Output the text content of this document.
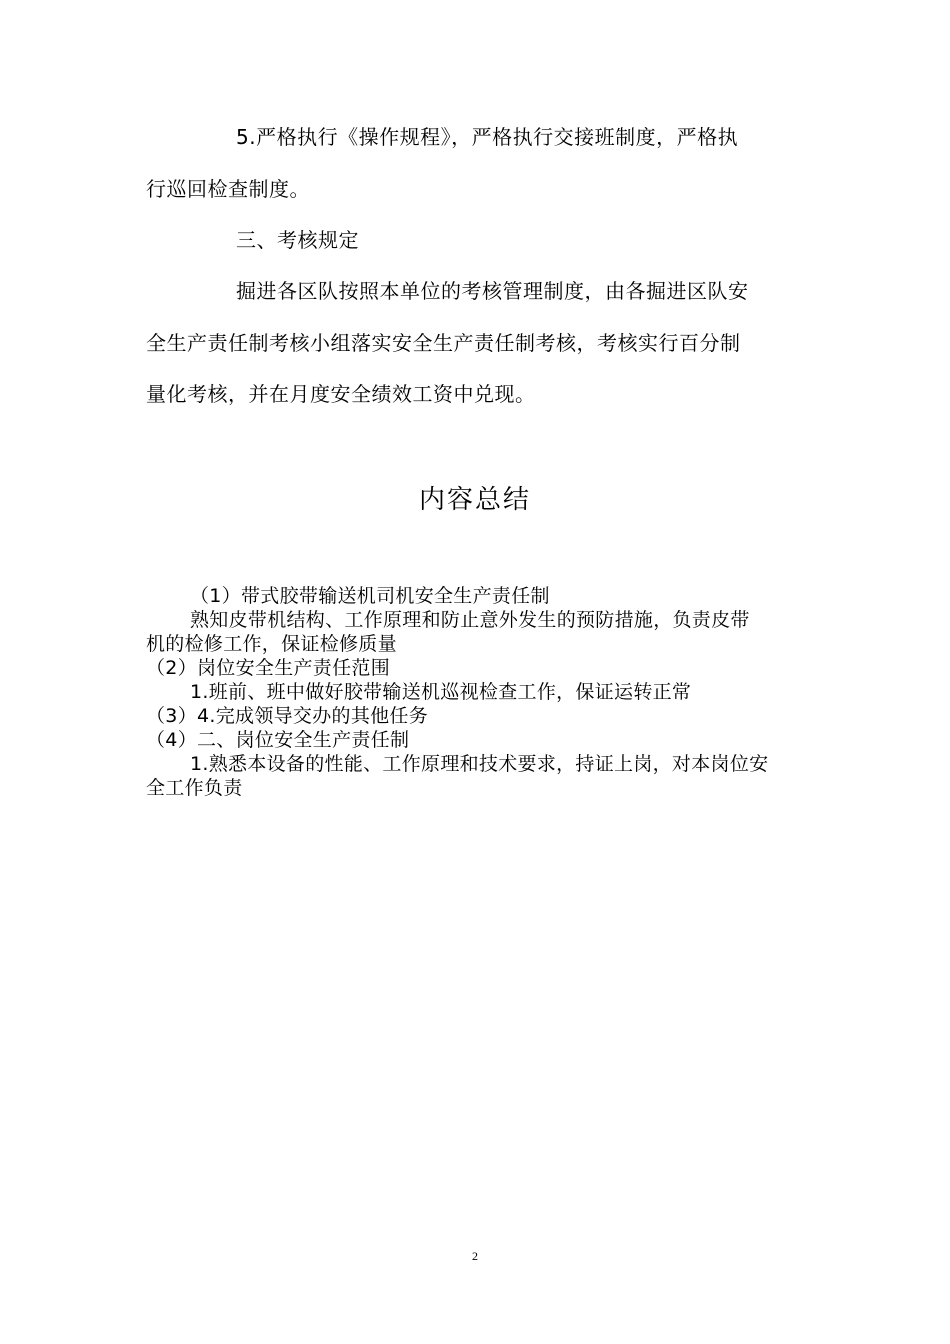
5.严格执行《操作规程》，严格执行交接班制度，严格执
行巡回检查制度。
三、考核规定
掘进各区队按照本单位的考核管理制度，由各掘进区队安
全生产责任制考核小组落实安全生产责任制考核，考核实行百分制
量化考核，并在月度安全绩效工资中兑现。
内容总结
（1）带式胶带输送机司机安全生产责任制
熟知皮带机结构、工作原理和防止意外发生的预防措施，负责皮带
机的检修工作，保证检修质量
（2）岗位安全生产责任范围
1.班前、班中做好胶带输送机巡视检查工作，保证运转正常
（3）4.完成领导交办的其他任务
（4）二、岗位安全生产责任制
1.熟悉本设备的性能、工作原理和技术要求，持证上岗，对本岗位安
全工作负责
2
